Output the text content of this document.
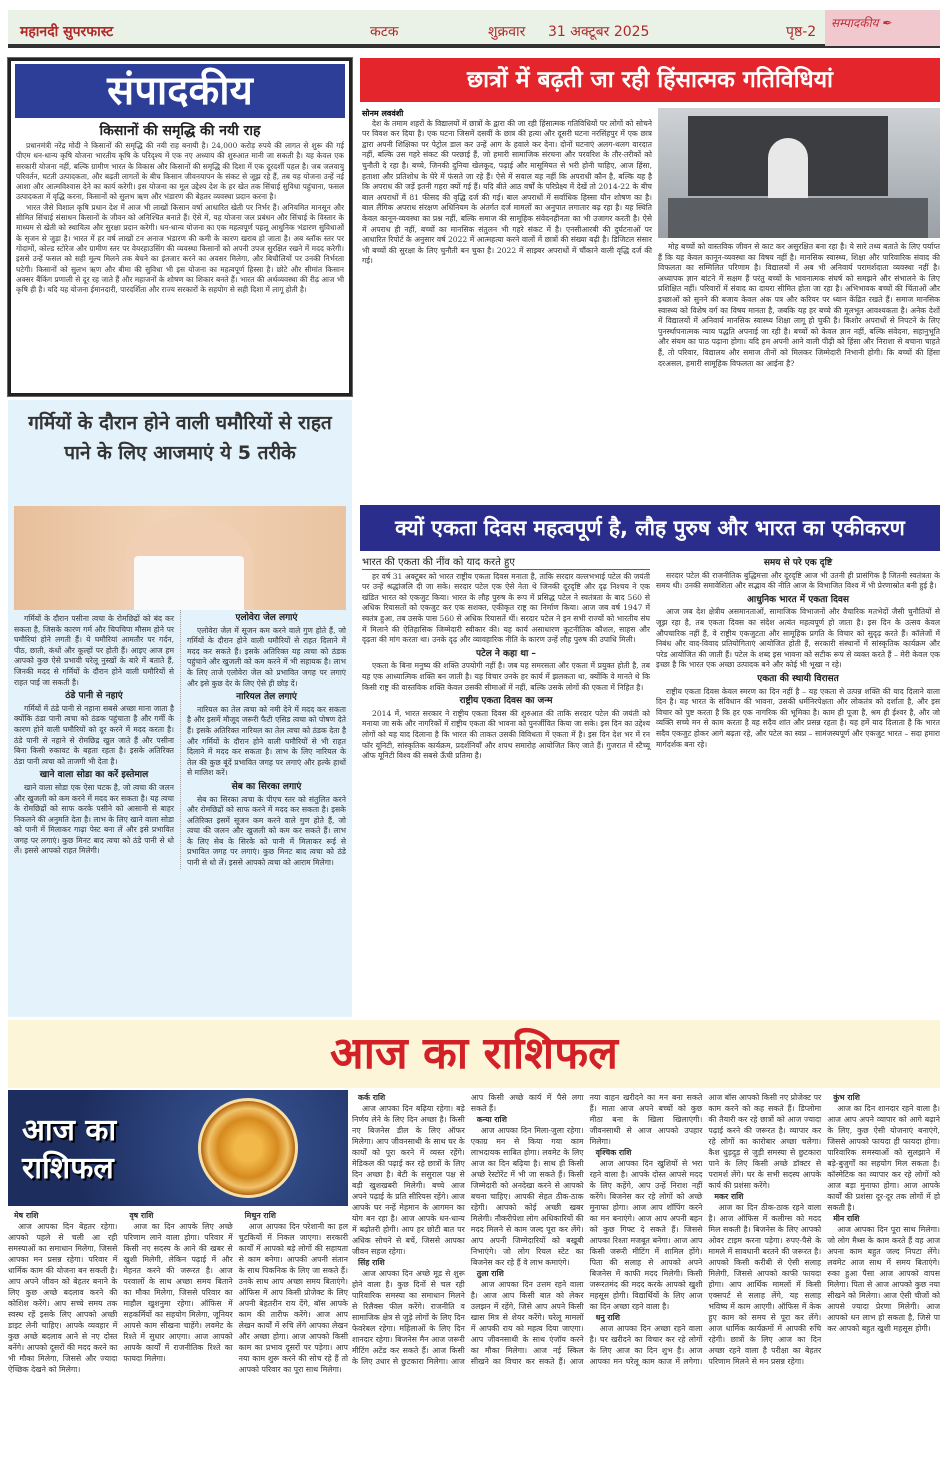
महानदी सुपरफास्ट	कटक	शुक्रवार 31 अक्टूबर 2025	पृष्ठ-2
सम्पादकीय ✒
संपादकीय
किसानों की समृद्धि की नयी राह

प्रधानमंत्री नरेंद्र मोदी ने किसानों की समृद्धि की नयी राह बनायी है। 24,000 करोड़ रुपये की लागत से शुरू की गई पीएम धन-धान्य कृषि योजना भारतीय कृषि के परिदृश्य में एक नए अध्याय की शुरुआत मानी जा सकती है। यह केवल एक सरकारी योजना नहीं, बल्कि ग्रामीण भारत के विकास और किसानों की समृद्धि की दिशा में एक दूरदर्शी पहल है। जब जलवायु परिवर्तन, घटती उत्पादकता, और बढ़ती लागतों के बीच किसान जीवनयापन के संकट से जूझ रहे हैं, तब यह योजना उन्हें नई आशा और आत्मविश्वास देने का कार्य करेगी। इस योजना का मूल उद्देश्य देश के हर खेत तक सिंचाई सुविधा पहुंचाना, फसल उत्पादकता में वृद्धि करना, किसानों को सुलभ ऋण और भंडारण की बेहतर व्यवस्था प्रदान करना है।

भारत जैसे विशाल कृषि प्रधान देश में आज भी लाखों किसान वर्षा आधारित खेती पर निर्भर हैं। अनियमित मानसून और सीमित सिंचाई संसाधन किसानों के जीवन को अनिश्चित बनाते हैं। ऐसे में, यह योजना जल प्रबंधन और सिंचाई के विस्तार के माध्यम से खेती को स्थायित्व और सुरक्षा प्रदान करेगी। धन-धान्य योजना का एक महत्वपूर्ण पहलू आधुनिक भंडारण सुविधाओं के सृजन से जुड़ा है। भारत में हर वर्ष लाखों टन अनाज भंडारण की कमी के कारण खराब हो जाता है। अब ब्लॉक स्तर पर गोदामों, कोल्ड स्टोरेज और ग्रामीण स्तर पर वेयरहाउसिंग की व्यवस्था किसानों को अपनी उपज सुरक्षित रखने में मदद करेगी। इससे उन्हें फसल को सही मूल्य मिलने तक बेचने का इंतजार करने का अवसर मिलेगा, और बिचौलियों पर उनकी निर्भरता घटेगी। किसानों को सुलभ ऋण और बीमा की सुविधा भी इस योजना का महत्वपूर्ण हिस्सा है। छोटे और सीमांत किसान अक्सर बैंकिंग प्रणाली से दूर रह जाते हैं और महाजनों के शोषण का शिकार बनते हैं। भारत की अर्थव्यवस्था की रीढ़ आज भी कृषि ही है। यदि यह योजना ईमानदारी, पारदर्शिता और राज्य सरकारों के सहयोग से सही दिशा में लागू होती है।

गर्मियों के दौरान होने वाली घमौरियों से राहत पाने के लिए आजमाएं ये 5 तरीके

गर्मियों के दौरान पसीना त्वचा के रोमछिद्रों को बंद कर सकता है, जिसके कारण गर्म और चिपचिपा मौसम होने पर घमौरियां होने लगती हैं। ये घमौरियां आमतौर पर गर्दन, पीठ, छाती, कंधों और कूल्हों पर होती हैं। आइए आज हम आपको कुछ ऐसे प्रभावी घरेलू नुस्खों के बारे में बताते हैं, जिनकी मदद से गर्मियों के दौरान होने वाली घमौरियों से राहत पाई जा सकती है।

ठंडे पानी से नहाएं

गर्मियों में ठंडे पानी से नहाना सबसे अच्छा माना जाता है क्योंकि ठंडा पानी त्वचा को ठंडक पहुंचाता है और गर्मी के कारण होने वाली घमौरियों को दूर करने में मदद करता है। ठंडे पानी से नहाने से रोमछिद्र खुल जाते हैं और पसीना बिना किसी रुकावट के बहता रहता है। इसके अतिरिक्त ठंडा पानी त्वचा को ताजगी भी देता है।

खाने वाला सोडा का करें इस्तेमाल

खाने वाला सोडा एक ऐसा घटक है, जो त्वचा की जलन और खुजली को कम करने में मदद कर सकता है। यह त्वचा के रोमछिद्रों को साफ करके पसीने को आसानी से बाहर निकलने की अनुमति देता है। लाभ के लिए खाने वाला सोडा को पानी में मिलाकर गाढ़ा पेस्ट बना लें और इसे प्रभावित जगह पर लगाएं। कुछ मिनट बाद त्वचा को ठंडे पानी से धो लें। इससे आपको राहत मिलेगी।

एलोवेरा जेल लगाएं

एलोवेरा जेल में सूजन कम करने वाले गुण होते हैं, जो गर्मियों के दौरान होने वाली घमौरियों से राहत दिलाने में मदद कर सकते हैं। इसके अतिरिक्त यह त्वचा को ठंडक पहुंचाने और खुजली को कम करने में भी सहायक है। लाभ के लिए ताजे एलोवेरा जेल को प्रभावित जगह पर लगाएं और इसे कुछ देर के लिए ऐसे ही छोड़ दें।

नारियल तेल लगाएं

नारियल का तेल त्वचा को नमी देने में मदद कर सकता है और इसमें मौजूद जरूरी फैटी एसिड त्वचा को पोषण देते हैं। इसके अतिरिक्त नारियल का तेल त्वचा को ठंडक देता है और गर्मियों के दौरान होने वाली घमौरियों से भी राहत दिलाने में मदद कर सकता है। लाभ के लिए नारियल के तेल की कुछ बूंदें प्रभावित जगह पर लगाएं और हल्के हाथों से मालिश करें।

सेब का सिरका लगाएं

सेब का सिरका त्वचा के पीएच स्तर को संतुलित करने और रोमछिद्रों को साफ करने में मदद कर सकता है। इसके अतिरिक्त इसमें सूजन कम करने वाले गुण होते हैं, जो त्वचा की जलन और खुजली को कम कर सकते हैं। लाभ के लिए सेब के सिरके को पानी में मिलाकर रूई से प्रभावित जगह पर लगाएं। कुछ मिनट बाद त्वचा को ठंडे पानी से धो लें। इससे आपको त्वचा को आराम मिलेगा।

छात्रों में बढ़ती जा रही हिंसात्मक गतिविधियां
सोनम लववंशी

देश के तमाम शहरों के विद्यालयों में छात्रों के द्वारा की जा रही हिंसात्मक गतिविधियों पर लोगों को सोचने पर विवश कर दिया है। एक घटना जिसमें दसवीं के छात्र की हत्या और दूसरी घटना नरसिंहपुर में एक छात्र द्वारा अपनी शिक्षिका पर पेट्रोल डाल कर उन्हें आग के हवाले कर देना। दोनों घटनाएं अलग-थलग वारदात नहीं, बल्कि उस गहरे संकट की परछाई हैं, जो हमारी सामाजिक संरचना और परवरिश के तौर-तरीकों को चुनौती दे रहा है। बच्चे, जिनकी दुनिया खेलकूद, पढ़ाई और मासूमियत से भरी होनी चाहिए, आज हिंसा, हताशा और प्रतिशोध के घेरे में फंसते जा रहे हैं। ऐसे में सवाल यह नहीं कि अपराधी कौन है, बल्कि यह है कि अपराध की जड़ें इतनी गहरा क्यों गई हैं। यदि बीते आठ वर्षों के परिप्रेक्ष्य में देखें तो 2014-22 के बीच बाल अपराधों में 81 फीसद की वृद्धि दर्ज की गई। बाल अपराधों में सर्वाधिक हिस्सा यौन शोषण का है। बाल लैंगिक अपराध संरक्षण अधिनियम के अंतर्गत दर्ज मामलों का अनुपात लगातार बढ़ रहा है। यह स्थिति केवल कानून-व्यवस्था का प्रश्न नहीं, बल्कि समाज की सामूहिक संवेदनहीनता का भी उजागर करती है। ऐसे में अपराध ही नहीं, बच्चों का मानसिक संतुलन भी गहरे संकट में है। एनसीआरबी की दुर्घटनाओं पर आधारित रिपोर्ट के अनुसार वर्ष 2022 में आत्महत्या करने वालों में छात्रों की संख्या बढ़ी है। डिजिटल संसार भी बच्चों की सुरक्षा के लिए चुनौती बन चुका है। 2022 में साइबर अपराधों में चौंकाने वाली वृद्धि दर्ज की गई।

मोह बच्चों को वास्तविक जीवन से काट कर असुरक्षित बना रहा है। ये सारे तथ्य बताते के लिए पर्याप्त हैं कि यह केवल कानून-व्यवस्था का विषय नहीं है। मानसिक स्वास्थ्य, शिक्षा और पारिवारिक संवाद की विफलता का सम्मिलित परिणाम है। विद्यालयों में अब भी अनिवार्य परामर्शदाता व्यवस्था नहीं है। अध्यापक ज्ञान बांटने में सक्षम हैं परंतु बच्चों के भावनात्मक संघर्ष को समझने और संभालने के लिए प्रशिक्षित नहीं। परिवारों में संवाद का दायरा सीमित होता जा रहा है। अभिभावक बच्चों की चिंताओं और इच्छाओं को सुनने की बजाय केवल अंक पत्र और करियर पर ध्यान केंद्रित रखते हैं। समाज मानसिक स्वास्थ्य को विशेष वर्ग का विषय मानता है, जबकि यह हर बच्चे की मूलभूत आवश्यकता है। अनेक देशों में विद्यालयों में अनिवार्य मानसिक स्वास्थ्य शिक्षा लागू हो चुकी है। किशोर अपराधों से निपटने के लिए पुनर्स्थापनात्मक न्याय पद्धति अपनाई जा रही है। बच्चों को केवल ज्ञान नहीं, बल्कि संवेदना, सहानुभूति और संयम का पाठ पढ़ाना होगा। यदि हम अपनी आने वाली पीढ़ी को हिंसा और निराशा से बचाना चाहते हैं, तो परिवार, विद्यालय और समाज तीनों को मिलकर जिम्मेदारी निभानी होगी। कि बच्चों की हिंसा दरअसल, हमारी सामूहिक विफलता का आईना है?

क्यों एकता दिवस महत्वपूर्ण है, लौह पुरुष और भारत का एकीकरण
भारत की एकता की नींव को याद करते हुए

हर वर्ष 31 अक्टूबर को भारत राष्ट्रीय एकता दिवस मनाता है, ताकि सरदार वल्लभभाई पटेल की जयंती पर उन्हें श्रद्धांजलि दी जा सके। सरदार पटेल एक ऐसे नेता थे जिनकी दूरदृष्टि और दृढ़ निश्चय ने एक खंडित भारत को एकजुट किया। भारत के लौह पुरुष के रूप में प्रसिद्ध पटेल ने स्वतंत्रता के बाद 560 से अधिक रियासतों को एकजुट कर एक सशक्त, एकीकृत राष्ट्र का निर्माण किया। आज जब वर्ष 1947 में स्वतंत्र हुआ, तब उसके पास 560 से अधिक रियासतें थीं। सरदार पटेल ने इन सभी राज्यों को भारतीय संघ में मिलाने की ऐतिहासिक जिम्मेदारी स्वीकार की। यह कार्य असाधारण कूटनीतिक कौशल, साहस और दृढ़ता की मांग करता था। उनके दृढ़ और व्यावहारिक नीति के कारण उन्हें लौह पुरुष की उपाधि मिली।

पटेल ने कहा था –

एकता के बिना मनुष्य की शक्ति उपयोगी नहीं है। जब यह समरसता और एकता में प्रयुक्त होती है, तब यह एक आध्यात्मिक शक्ति बन जाती है। यह विचार उनके हर कार्य में झलकता था, क्योंकि वे मानते थे कि किसी राष्ट्र की वास्तविक शक्ति केवल उसकी सीमाओं में नहीं, बल्कि उसके लोगों की एकता में निहित है।

राष्ट्रीय एकता दिवस का जन्म

2014 में, भारत सरकार ने राष्ट्रीय एकता दिवस की शुरुआत की ताकि सरदार पटेल की जयंती को मनाया जा सके और नागरिकों में राष्ट्रीय एकता की भावना को पुनर्जीवित किया जा सके। इस दिन का उद्देश्य लोगों को यह याद दिलाना है कि भारत की ताकत उसकी विविधता में एकता में है। इस दिन देश भर में रन फॉर यूनिटी, सांस्कृतिक कार्यक्रम, प्रदर्शनियाँ और शपथ समारोह आयोजित किए जाते हैं। गुजरात में स्टैच्यू ऑफ यूनिटी विश्व की सबसे ऊँची प्रतिमा है।

समय से परे एक दृष्टि

सरदार पटेल की राजनीतिक बुद्धिमत्ता और दूरदृष्टि आज भी उतनी ही प्रासंगिक है जितनी स्वतंत्रता के समय थी। उनकी समावेशिता और सद्भाव की नीति आज के विभाजित विश्व में भी प्रेरणास्रोत बनी हुई है।

आधुनिक भारत में एकता दिवस

आज जब देश क्षेत्रीय असमानताओं, सामाजिक विभाजनों और वैचारिक मतभेदों जैसी चुनौतियों से जूझ रहा है, तब एकता दिवस का संदेश अत्यंत महत्वपूर्ण हो जाता है। इस दिन के उत्सव केवल औपचारिक नहीं हैं, वे राष्ट्रीय एकजुटता और सामूहिक प्रगति के विचार को सुदृढ़ करते हैं। कॉलेजों में निबंध और वाद-विवाद प्रतियोगिताएं आयोजित होती हैं, सरकारी संस्थानों में सांस्कृतिक कार्यक्रम और परेड आयोजित की जाती हैं। पटेल के शब्द इस भावना को सटीक रूप से व्यक्त करते हैं – मेरी केवल एक इच्छा है कि भारत एक अच्छा उत्पादक बने और कोई भी भूखा न रहे।

एकता की स्थायी विरासत

राष्ट्रीय एकता दिवस केवल स्मरण का दिन नहीं है – यह एकता से उत्पन्न शक्ति की याद दिलाने वाला दिन है। यह भारत के संविधान की भावना, उसकी धर्मनिरपेक्षता और लोकतंत्र को दर्शाता है, और इस विचार को पुष्ट करता है कि हर एक नागरिक की भूमिका है। काम ही पूजा है, श्रम ही ईश्वर है, और जो व्यक्ति सच्चे मन से काम करता है वह सदैव शांत और प्रसन्न रहता है। यह हमें याद दिलाता है कि भारत सदैव एकजुट होकर आगे बढ़ता रहे, और पटेल का स्वप्न – सामंजस्यपूर्ण और एकजुट भारत – सदा हमारा मार्गदर्शक बना रहे।

आज का राशिफल
आज का राशिफल
मेष राशि

आज आपका दिन बेहतर रहेगा। आपको पहले से चली आ रही समस्याओं का समाधान मिलेगा, जिससे आपका मन प्रसन्न रहेगा। परिवार में धार्मिक काम की योजना बन सकती है। आप अपने जीवन को बेहतर बनाने के लिए कुछ अच्छे बदलाव करने की कोशिश करेंगे। आप सच्चे समय तक स्वस्थ रहें इसके लिए आपको अच्छी डाइट लेनी चाहिए। आपके व्यवहार में कुछ अच्छे बदलाव आने से नए दोस्त बनेंगे। आपको दूसरों की मदद करने का भी मौका मिलेगा, जिससे और ज्यादा ऐच्छिक देखने को मिलेगा।

वृष राशि

आज का दिन आपके लिए अच्छे परिणाम लाने वाला होगा। परिवार में किसी नए सदस्य के आने की खबर से खुशी मिलेगी, लेकिन पढ़ाई में और मेहनत करने की जरूरत है। आज परवालों के साथ अच्छा समय बिताने का मौका मिलेगा, जिससे परिवार का माहौल खुशनुमा रहेगा। ऑफिस में सहकर्मियों का सहयोग मिलेगा, जूनियर आपसे काम सीखना चाहेंगे। लवमेट के रिश्ते में सुधार आएगा। आज आपको आपके कार्यों में राजनीतिक रिश्ते का फायदा मिलेगा।

मिथुन राशि

आज आपका दिन परेशानी का हल चुटकियों में निकल जाएगा। सरकारी कार्यों में आपको बड़े लोगों की सहायता से काम बनेगा। आपकी अपनी संतान के साथ पिकनिक के लिए जा सकते हैं। उनके साथ आप अच्छा समय बिताएंगे। ऑफिस में आप किसी प्रोजेक्ट के लिए अपनी बेहतरीन राय देंगे, बॉस आपके काम की तारीफ करेंगे। आज आप लेखन कार्यों में रुचि लेंगे आपका लेखन और अच्छा होगा। आज आपको किसी काम का प्रभाव दूसरों पर पड़ेगा। आप नया काम शुरू करने की सोच रहे हैं तो आपको परिवार का पूरा साथ मिलेगा।

कर्क राशि

आज आपका दिन बढ़िया रहेगा। बड़े निर्णय लेने के लिए दिन अच्छा है। किसी नए बिजनेस डील के लिए ऑफर मिलेगा। आप जीवनसाथी के साथ घर के कार्यों को पूरा करने में व्यस्त रहेंगे। मेडिकल की पढ़ाई कर रहे छात्रों के लिए दिन अच्छा है। बेटी के ससुराल पक्ष से बड़ी खुशखबरी मिलेगी। बच्चे आज अपने पढ़ाई के प्रति सीरियस रहेंगे। आज आपके घर नन्हें मेहमान के आगमन का योग बन रहा है। आज आपके धन-धान्य में बढ़ोतरी होगी। आप हर छोटी बात पर अधिक सोचने से बचें, जिससे आपका जीवन सहज रहेगा।

सिंह राशि

आज आपका दिन अच्छे मूड से शुरू होने वाला है। कुछ दिनों से चल रही पारिवारिक समस्या का समाधान मिलने से रिलैक्स फील करेंगे। राजनीति व सामाजिक क्षेत्र से जुड़े लोगों के लिए दिन फेवरेबल रहेगा। महिलाओं के लिए दिन शानदार रहेगा। बिजनेस मैन आज जरूरी मीटिंग अटेंड कर सकते हैं। आज किसी के लिए उधार से छुटकारा मिलेगा। आज आप किसी अच्छे कार्य में पैसे लगा सकते हैं।

कन्या राशि

आज आपका दिन मिला-जुला रहेगा। एकाग्र मन से किया गया काम लाभदायक साबित होगा। लवमेट के लिए आज का दिन बढ़िया है। साथ ही किसी अच्छे रेस्टोरेंट में भी जा सकते हैं। किसी जिम्मेदारी को अनदेखा करने से आपको बचना चाहिए। आपकी सेहत ठीक-ठाक रहेगी। आपको कोई अच्छी खबर मिलेगी। नौकरीपेशा लोग अधिकारियों की मदद मिलने से काम जल्द पूरा कर लेंगे। आप अपनी जिम्मेदारियों को बखूबी निभाएंगे। जो लोग रियल स्टेट का बिजनेस कर रहे हैं वे लाभ कमाएंगे।

तुला राशि

आज आपका दिन उत्तम रहने वाला है। आज आप किसी बात को लेकर उलझन में रहेंगे, जिसे आप अपने किसी खास मित्र से शेयर करेंगे। घरेलू मामलों में आपकी राय को महत्व दिया जाएगा। आप जीवनसाथी के साथ एंजॉय करने का मौका मिलेगा। आज नई स्किल सीखने का विचार कर सकते हैं। आज नया वाहन खरीदने का मन बना सकते हैं। माता आज अपने बच्चों को कुछ मीठा बना के खिला खिलाएंगी। जीवनसाथी से आज आपको उपहार मिलेगा।

वृश्चिक राशि

आज आपका दिन खुशियों से भरा रहने वाला है। आपके दोस्त आपसे मदद के लिए कहेंगे, आप उन्हें निराश नहीं करेंगे। बिजनेस कर रहे लोगों को अच्छे मुनाफा होगा। आज आप शॉपिंग करने का मन बनाएंगे। आज आप अपनी बहन को कुछ गिफ्ट दे सकते हैं। जिससे आपका रिश्ता मजबूत बनेगा। आज आप किसी जरूरी मीटिंग में शामिल होंगे। पिता की सलाह से आपको अपने बिजनेस में काफी मदद मिलेगी। किसी जरूरतमंद की मदद करके आपको खुशी महसूस होगी। विद्यार्थियों के लिए आज का दिन अच्छा रहने वाला है।

धनु राशि

आज आपका दिन अच्छा रहने वाला है। घर खरीदने का विचार कर रहे लोगों के लिए आज का दिन शुभ है। आज आपका मन घरेलू काम काज में लगेगा। आज बॉस आपको किसी नए प्रोजेक्ट पर काम करने को कह सकते हैं। डिप्लोमा की तैयारी कर रहे छात्रों को आज ज्यादा पढ़ाई करने की जरूरत है। व्यापार कर रहे लोगों का कारोबार अच्छा चलेगा। कैश धुड़दुड़ से जुड़ी समस्या से छुटकारा पाने के लिए किसी अच्छे डॉक्टर से परामर्श लेंगे। घर के सभी सदस्य आपके कार्य की प्रशंसा करेंगे।

मकर राशि

आज का दिन ठीक-ठाक रहने वाला है। आज ऑफिस में कलीग्स को मदद मिल सकती है। बिजनेस के लिए आपको ओवर टाइम करना पड़ेगा। रुपए-पैसे के मामले में सावधानी बरतने की जरूरत है। आपको किसी करीबी से ऐसी सलाह मिलेगी, जिससे आपको काफी फायदा होगा। आप आर्थिक मामलों में किसी एक्सपर्ट से सलाह लेंगे, यह सलाह भविष्य में काम आएगी। ऑफिस में केक हुए काम को समय से पूरा कर लेंगे। आज धार्मिक कार्यक्रमों में आपकी रुचि रहेगी। छात्रों के लिए आज का दिन अच्छा रहने वाला है परीक्षा का बेहतर परिणाम मिलने से मन प्रसन्न रहेगा।

कुंभ राशि

आज का दिन शानदार रहने वाला है। आज आप अपने व्यापार को आगे बढ़ाने के लिए, कुछ ऐसी योजनाएं बनाएंगे, जिससे आपको फायदा ही फायदा होगा। पारिवारिक समस्याओं को सुलझाने में बड़े-बुजुर्गों का सहयोग मिल सकता है। कॉस्मेटिक का व्यापार कर रहे लोगों को आज बड़ा मुनाफा होगा। आज आपके कार्यों की प्रशंसा दूर-दूर तक लोगों में हो सकती है।

मीन राशि

आज आपका दिन पूरा साथ मिलेगा। जो लोग मैथ्स के काम करते हैं वह आज अपना काम बहुत जल्द निपटा लेंगे। लवमेट आज साथ में समय बिताएंगे। रुका हुआ पैसा आज आपको वापस मिलेगा। पिता से आज आपको कुछ नया सीखने को मिलेगा। आज ऐसी चीजों को आपसे ज्यादा प्रेरणा मिलेगी। आज आपको धन लाभ हो सकता है, जिसे पा कर आपको बहुत खुशी महसूस होगी।
